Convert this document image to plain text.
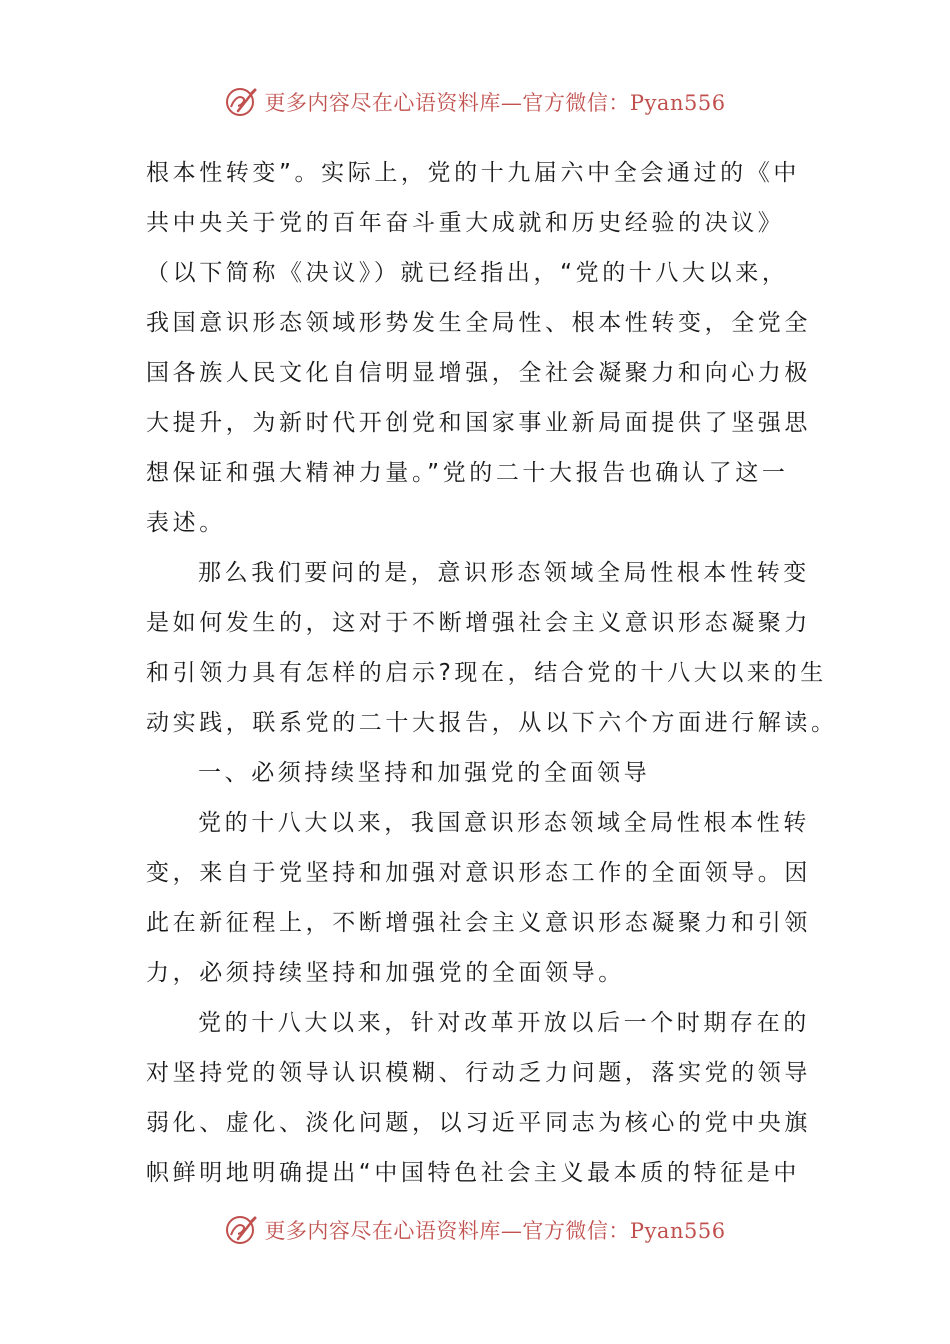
更多内容尽在心语资料库—官方微信：Pyan556
根本性转变”。实际上，党的十九届六中全会通过的《中
共中央关于党的百年奋斗重大成就和历史经验的决议》
（以下简称《决议》）就已经指出，“党的十八大以来，
我国意识形态领域形势发生全局性、根本性转变，全党全
国各族人民文化自信明显增强，全社会凝聚力和向心力极
大提升，为新时代开创党和国家事业新局面提供了坚强思
想保证和强大精神力量。”党的二十大报告也确认了这一
表述。
那么我们要问的是，意识形态领域全局性根本性转变
是如何发生的，这对于不断增强社会主义意识形态凝聚力
和引领力具有怎样的启示?现在，结合党的十八大以来的生
动实践，联系党的二十大报告，从以下六个方面进行解读。
一、必须持续坚持和加强党的全面领导
党的十八大以来，我国意识形态领域全局性根本性转
变，来自于党坚持和加强对意识形态工作的全面领导。因
此在新征程上，不断增强社会主义意识形态凝聚力和引领
力，必须持续坚持和加强党的全面领导。
党的十八大以来，针对改革开放以后一个时期存在的
对坚持党的领导认识模糊、行动乏力问题，落实党的领导
弱化、虚化、淡化问题，以习近平同志为核心的党中央旗
帜鲜明地明确提出“中国特色社会主义最本质的特征是中
更多内容尽在心语资料库—官方微信：Pyan556
